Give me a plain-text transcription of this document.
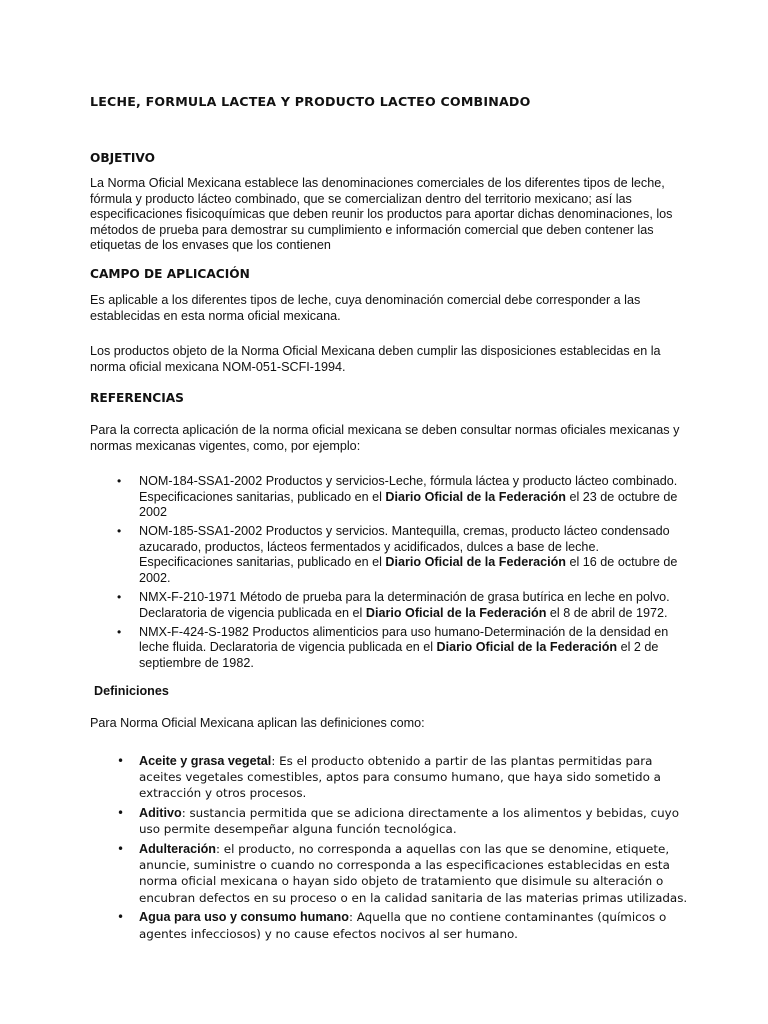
LECHE, FORMULA LACTEA Y PRODUCTO LACTEO COMBINADO
OBJETIVO

La Norma Oficial Mexicana establece las denominaciones comerciales de los diferentes tipos de leche, fórmula y producto lácteo combinado, que se comercializan dentro del territorio mexicano; así las especificaciones fisicoquímicas que deben reunir los productos para aportar dichas denominaciones, los métodos de prueba para demostrar su cumplimiento e información comercial que deben contener las etiquetas de los envases que los contienen

CAMPO DE APLICACIÓN

Es aplicable a los diferentes tipos de leche, cuya denominación comercial debe corresponder a las establecidas en esta norma oficial mexicana.

Los productos objeto de la Norma Oficial Mexicana deben cumplir las disposiciones establecidas en la norma oficial mexicana NOM-051-SCFI-1994.

REFERENCIAS

Para la correcta aplicación de la norma oficial mexicana se deben consultar normas oficiales mexicanas y normas mexicanas vigentes, como, por ejemplo:

• NOM-184-SSA1-2002 Productos y servicios-Leche, fórmula láctea y producto lácteo combinado. Especificaciones sanitarias, publicado en el Diario Oficial de la Federación el 23 de octubre de 2002
• NOM-185-SSA1-2002 Productos y servicios. Mantequilla, cremas, producto lácteo condensado azucarado, productos, lácteos fermentados y acidificados, dulces a base de leche. Especificaciones sanitarias, publicado en el Diario Oficial de la Federación el 16 de octubre de 2002.
• NMX-F-210-1971 Método de prueba para la determinación de grasa butírica en leche en polvo. Declaratoria de vigencia publicada en el Diario Oficial de la Federación el 8 de abril de 1972.
• NMX-F-424-S-1982 Productos alimenticios para uso humano-Determinación de la densidad en leche fluida. Declaratoria de vigencia publicada en el Diario Oficial de la Federación el 2 de septiembre de 1982.
Definiciones

Para Norma Oficial Mexicana aplican las definiciones como:

• Aceite y grasa vegetal: Es el producto obtenido a partir de las plantas permitidas para aceites vegetales comestibles, aptos para consumo humano, que haya sido sometido a extracción y otros procesos.
• Aditivo: sustancia permitida que se adiciona directamente a los alimentos y bebidas, cuyo uso permite desempeñar alguna función tecnológica.
• Adulteración: el producto, no corresponda a aquellas con las que se denomine, etiquete, anuncie, suministre o cuando no corresponda a las especificaciones establecidas en esta norma oficial mexicana o hayan sido objeto de tratamiento que disimule su alteración o encubran defectos en su proceso o en la calidad sanitaria de las materias primas utilizadas.
• Agua para uso y consumo humano: Aquella que no contiene contaminantes (químicos o agentes infecciosos) y no cause efectos nocivos al ser humano.
